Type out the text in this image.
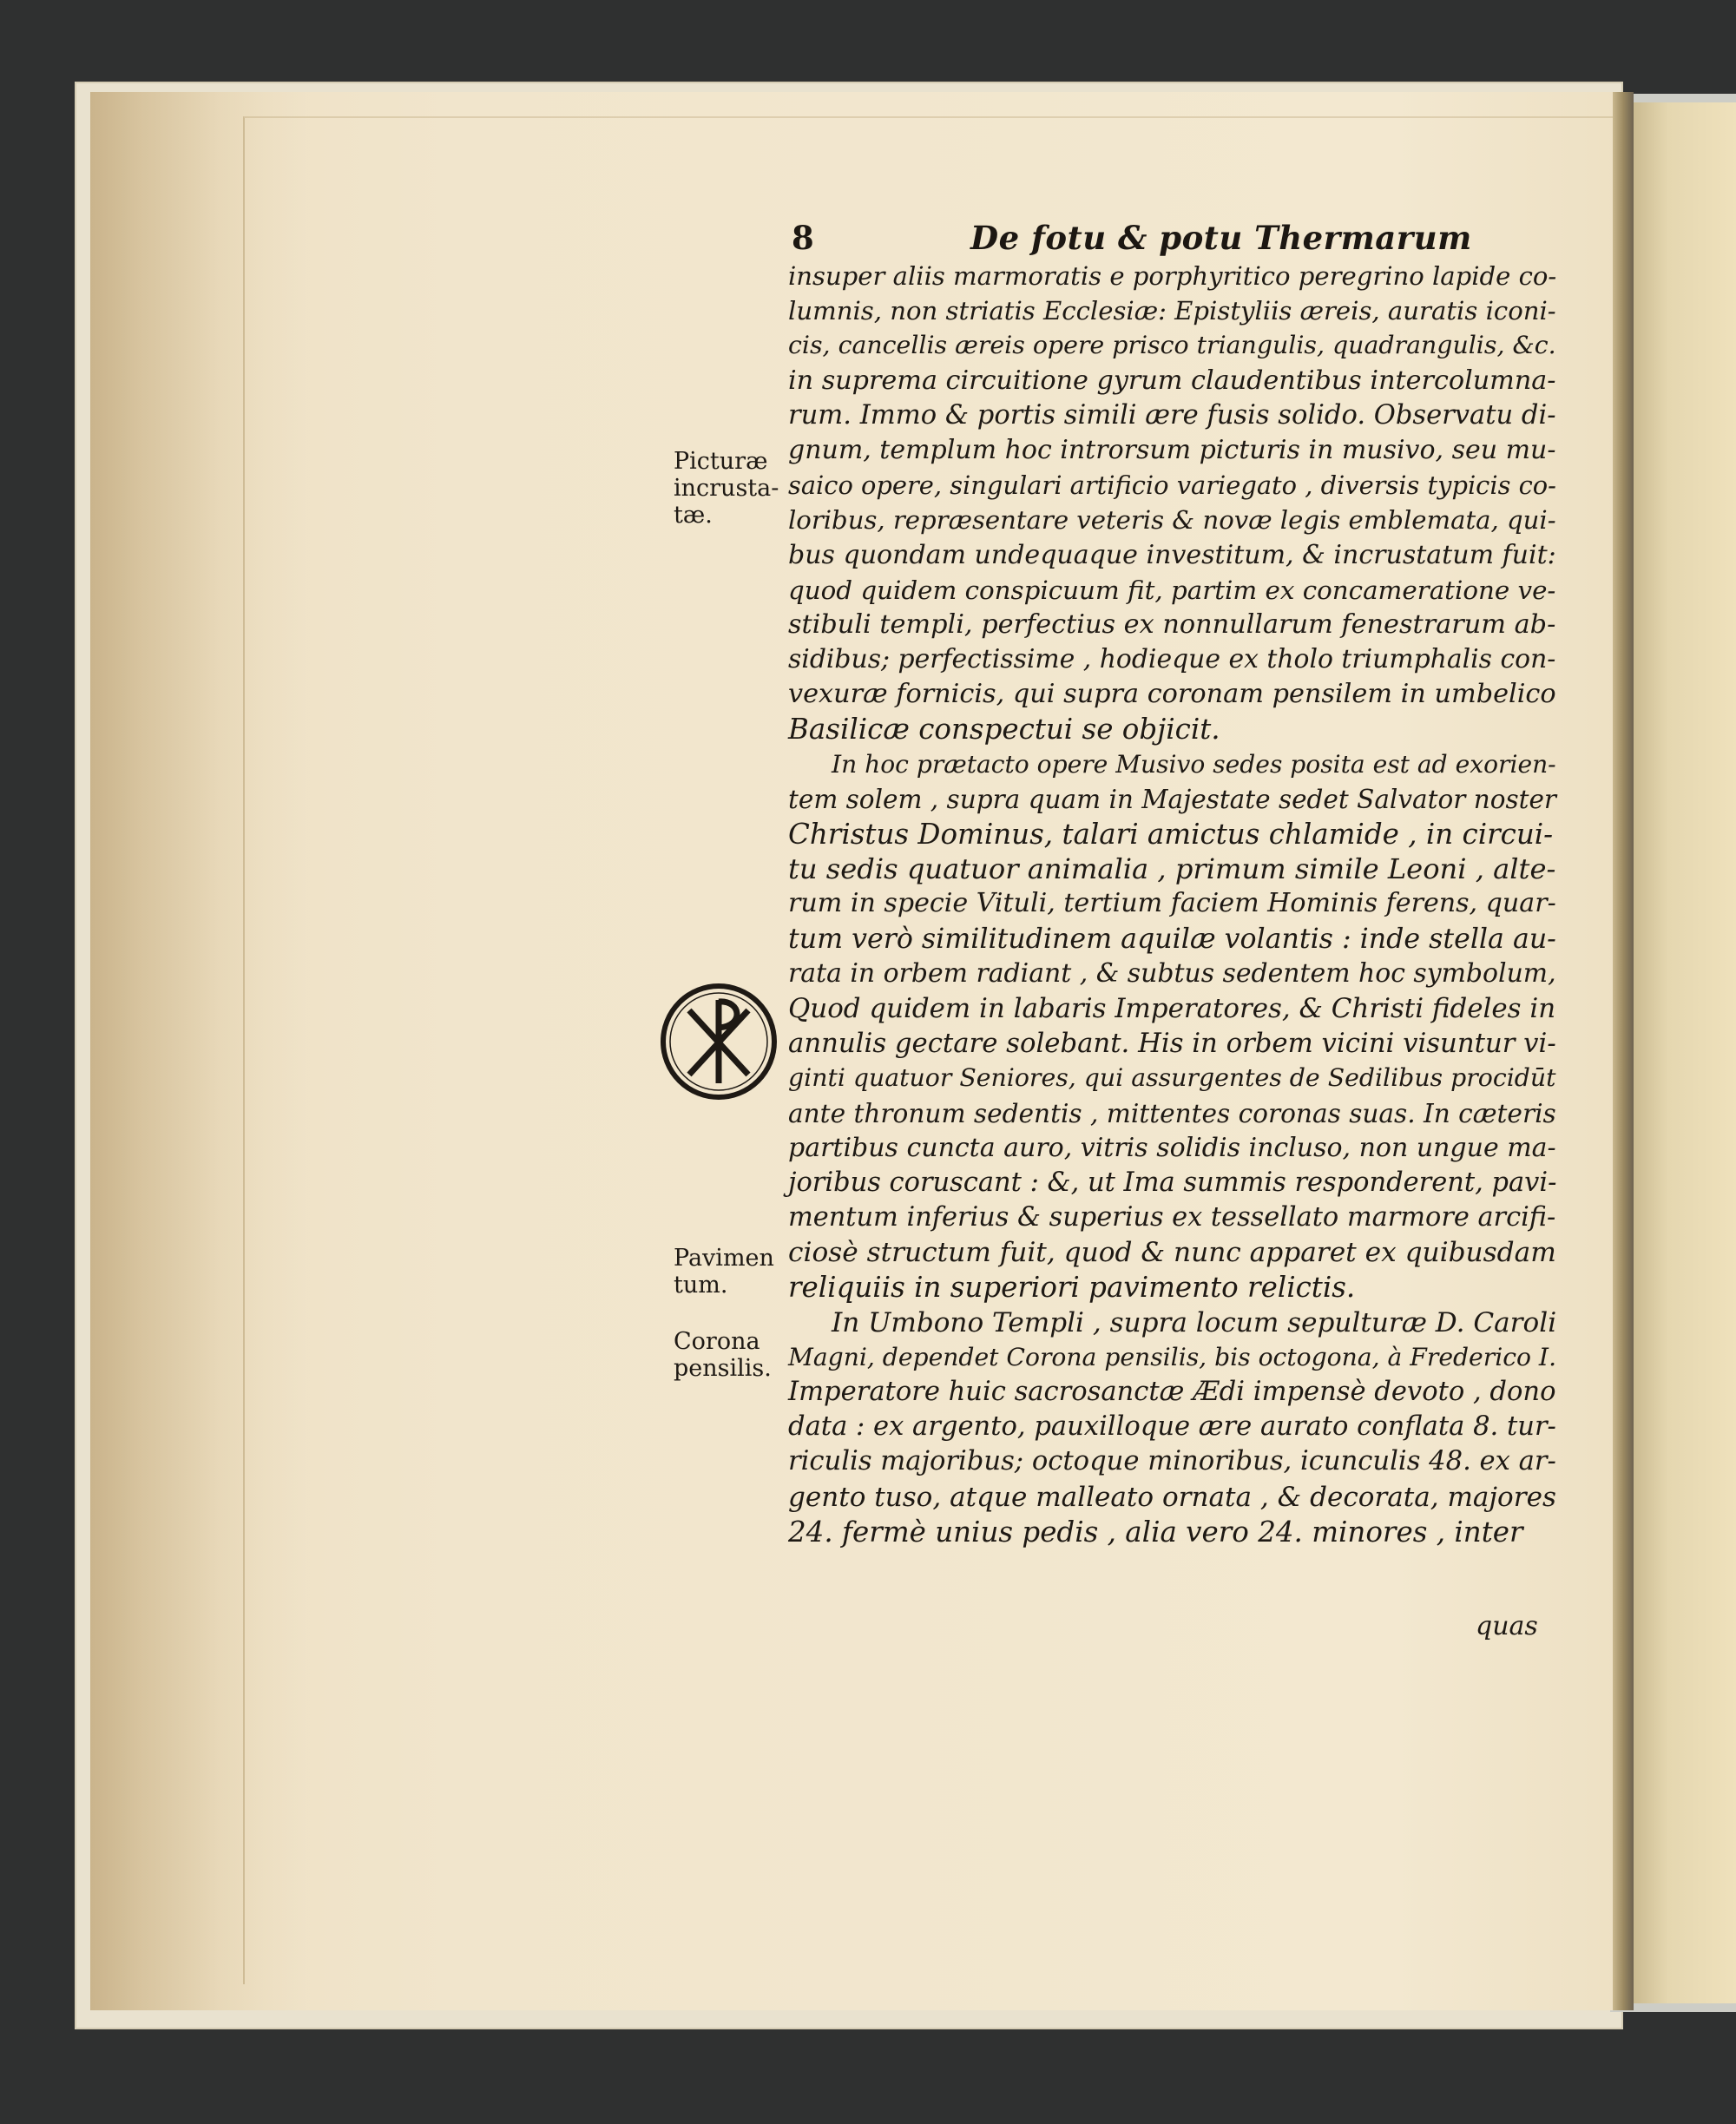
8	De fotu & potu Thermarum
Picturæ
incrusta-
tæ.
Pavimen
tum.
Corona
pensilis.
insuper aliis marmoratis e porphyritico peregrino lapide co-
lumnis, non striatis Ecclesiæ: Epistyliis æreis, auratis iconi-
cis, cancellis æreis opere prisco triangulis, quadrangulis, &c.
in suprema circuitione gyrum claudentibus intercolumna-
rum. Immo & portis simili ære fusis solido. Observatu di-
gnum, templum hoc introrsum picturis in musivo, seu mu-
saico opere, singulari artificio variegato , diversis typicis co-
loribus, repræsentare veteris & novæ legis emblemata, qui-
bus quondam undequaque investitum, & incrustatum fuit:
quod quidem conspicuum fit, partim ex concameratione ve-
stibuli templi, perfectius ex nonnullarum fenestrarum ab-
sidibus; perfectissime , hodieque ex tholo triumphalis con-
vexuræ fornicis, qui supra coronam pensilem in umbelico
Basilicæ conspectui se objicit.
In hoc prætacto opere Musivo sedes posita est ad exorien-
tem solem , supra quam in Majestate sedet Salvator noster
Christus Dominus, talari amictus chlamide , in circui-
tu sedis quatuor animalia , primum simile Leoni , alte-
rum in specie Vituli, tertium faciem Hominis ferens, quar-
tum verò similitudinem aquilæ volantis : inde stella au-
rata in orbem radiant , & subtus sedentem hoc symbolum,
Quod quidem in labaris Imperatores, & Christi fideles in
annulis gectare solebant. His in orbem vicini visuntur vi-
ginti quatuor Seniores, qui assurgentes de Sedilibus procidūt
ante thronum sedentis , mittentes coronas suas. In cæteris
partibus cuncta auro, vitris solidis incluso, non ungue ma-
joribus coruscant : &, ut Ima summis responderent, pavi-
mentum inferius & superius ex tessellato marmore arcifi-
ciosè structum fuit, quod & nunc apparet ex quibusdam
reliquiis in superiori pavimento relictis.
In Umbono Templi , supra locum sepulturæ D. Caroli
Magni, dependet Corona pensilis, bis octogona, à Frederico I.
Imperatore huic sacrosanctæ Ædi impensè devoto , dono
data : ex argento, pauxilloque ære aurato conflata 8. tur-
riculis majoribus; octoque minoribus, icunculis 48. ex ar-
gento tuso, atque malleato ornata , & decorata, majores
24. fermè unius pedis , alia vero 24. minores , inter
quas
